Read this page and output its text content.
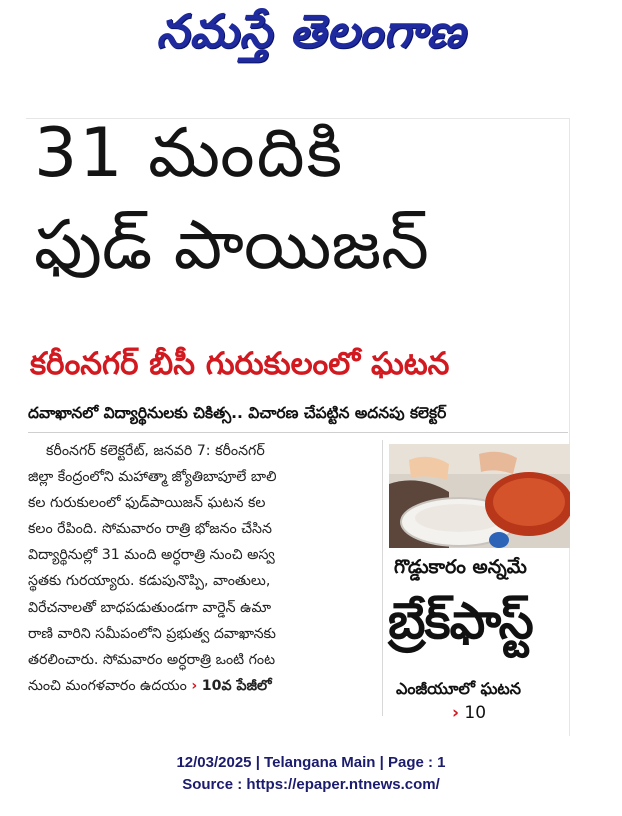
నమస్తే తెలంగాణ
31 మందికి
ఫుడ్ పాయిజన్
కరీంనగర్ బీసీ గురుకులంలో ఘటన
దవాఖానలో విద్యార్థినులకు చికిత్స.. విచారణ చేపట్టిన అదనపు కలెక్టర్
కరీంనగర్ కలెక్టరేట్, జనవరి 7: కరీంనగర్
జిల్లా కేంద్రంలోని మహాత్మా జ్యోతిబాపూలే బాలి
కల గురుకులంలో ఫుడ్‌పాయిజన్ ఘటన కల
కలం రేపింది. సోమవారం రాత్రి భోజనం చేసిన
విద్యార్థినుల్లో 31 మంది అర్ధరాత్రి నుంచి అస్వ
స్థతకు గురయ్యారు. కడుపునొప్పి, వాంతులు,
విరేచనాలతో బాధపడుతుండగా వార్డెన్ ఉమా
రాణి వారిని సమీపంలోని ప్రభుత్వ దవాఖానకు
తరలించారు. సోమవారం అర్ధరాత్రి ఒంటి గంట
నుంచి మంగళవారం ఉదయం › 10వ పేజీలో
గొడ్డుకారం అన్నమే
బ్రేక్‌ఫాస్ట్
ఎంజీయూలో ఘటన
› 10
12/03/2025 | Telangana Main | Page : 1
Source : https://epaper.ntnews.com/
